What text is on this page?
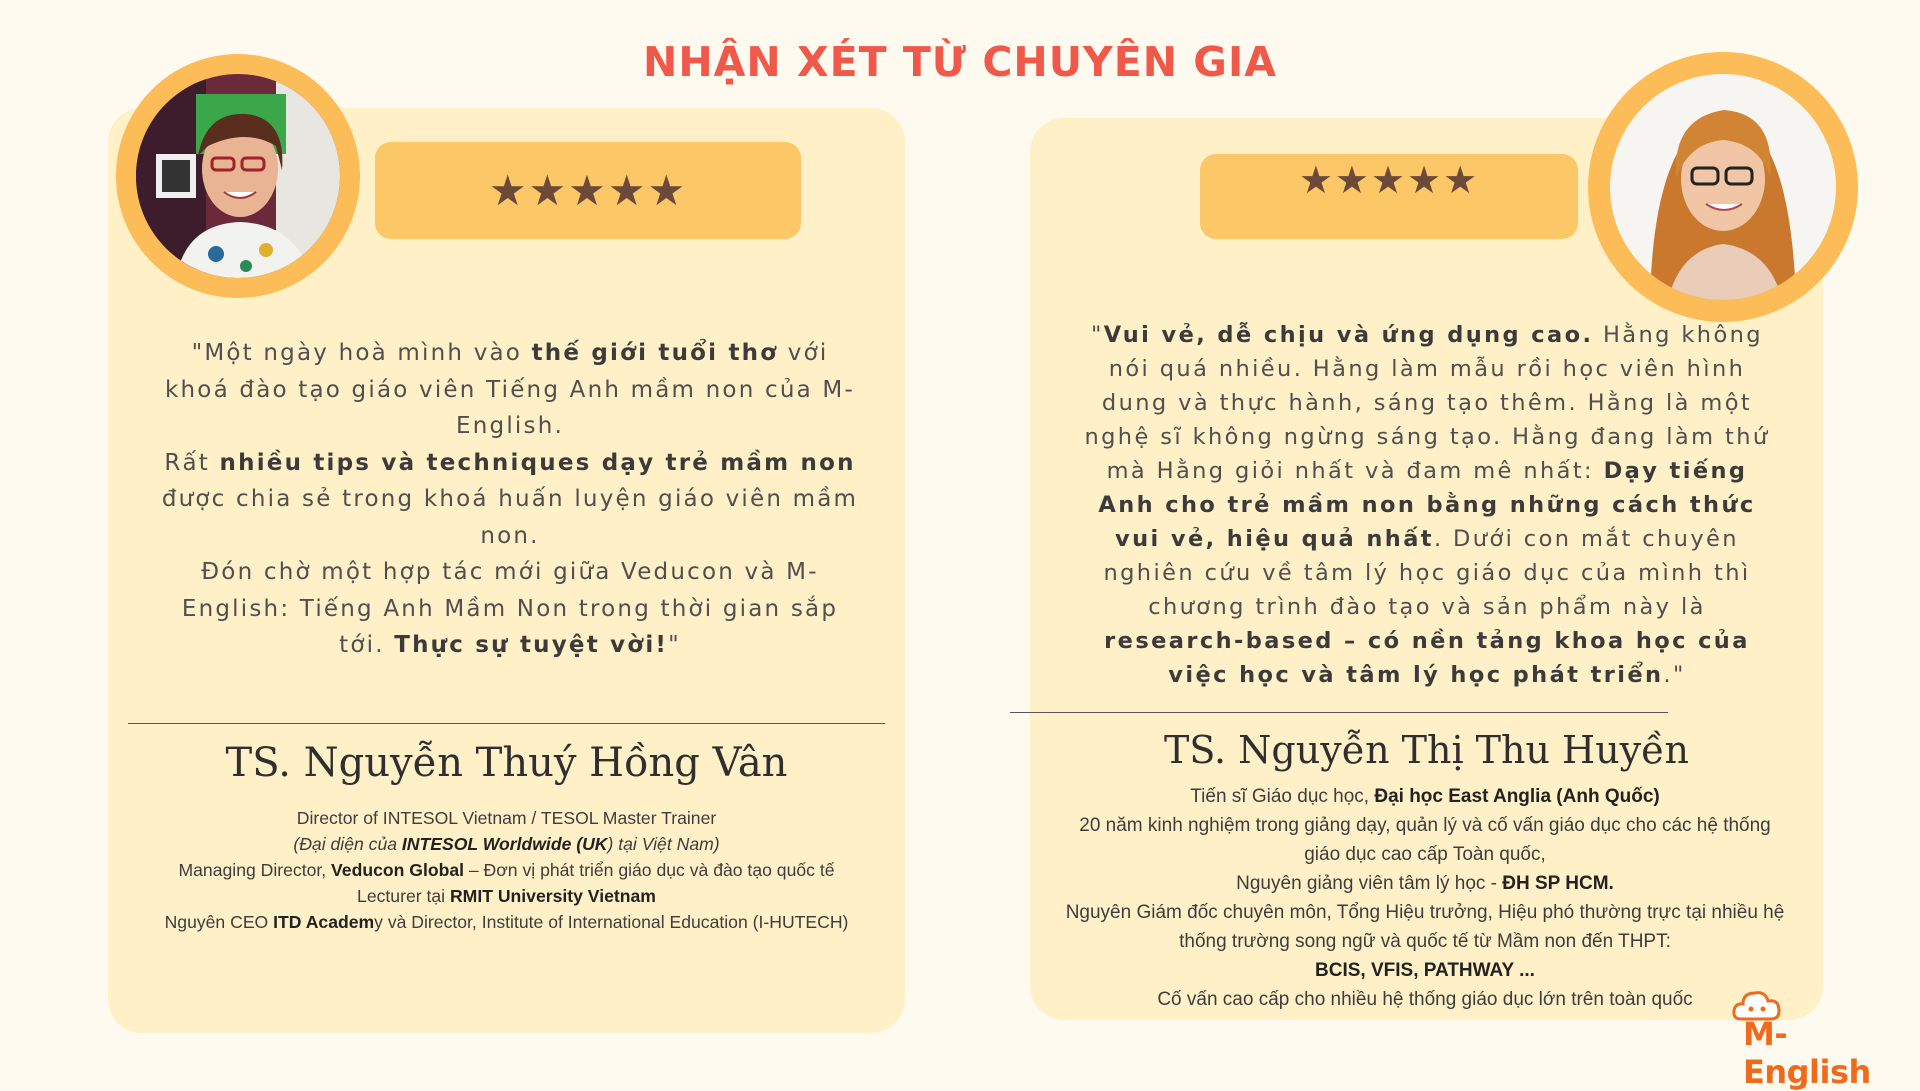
NHẬN XÉT TỪ CHUYÊN GIA
★★★★★
"Một ngày hoà mình vào thế giới tuổi thơ với khoá đào tạo giáo viên Tiếng Anh mầm non của M-English.
Rất nhiều tips và techniques dạy trẻ mầm non được chia sẻ trong khoá huấn luyện giáo viên mầm non.
Đón chờ một hợp tác mới giữa Veducon và M-English: Tiếng Anh Mầm Non trong thời gian sắp tới. Thực sự tuyệt vời!"
TS. Nguyễn Thuý Hồng Vân
Director of INTESOL Vietnam / TESOL Master Trainer
(Đại diện của INTESOL Worldwide (UK) tại Việt Nam)
Managing Director, Veducon Global – Đơn vị phát triển giáo dục và đào tạo quốc tế
Lecturer tại RMIT University Vietnam
Nguyên CEO ITD Academy và Director, Institute of International Education (I-HUTECH)
★★★★★
"Vui vẻ, dễ chịu và ứng dụng cao. Hằng không nói quá nhiều. Hằng làm mẫu rồi học viên hình dung và thực hành, sáng tạo thêm. Hằng là một nghệ sĩ không ngừng sáng tạo. Hằng đang làm thứ mà Hằng giỏi nhất và đam mê nhất: Dạy tiếng Anh cho trẻ mầm non bằng những cách thức vui vẻ, hiệu quả nhất. Dưới con mắt chuyên nghiên cứu về tâm lý học giáo dục của mình thì chương trình đào tạo và sản phẩm này là research-based – có nền tảng khoa học của việc học và tâm lý học phát triển."
TS. Nguyễn Thị Thu Huyền
Tiến sĩ Giáo dục học, Đại học East Anglia (Anh Quốc)
20 năm kinh nghiệm trong giảng dạy, quản lý và cố vấn giáo dục cho các hệ thống giáo dục cao cấp Toàn quốc,
Nguyên giảng viên tâm lý học - ĐH SP HCM.
Nguyên Giám đốc chuyên môn, Tổng Hiệu trưởng, Hiệu phó thường trực tại nhiều hệ thống trường song ngữ và quốc tế từ Mầm non đến THPT:
BCIS, VFIS, PATHWAY ...
Cố vấn cao cấp cho nhiều hệ thống giáo dục lớn trên toàn quốc
M-English
